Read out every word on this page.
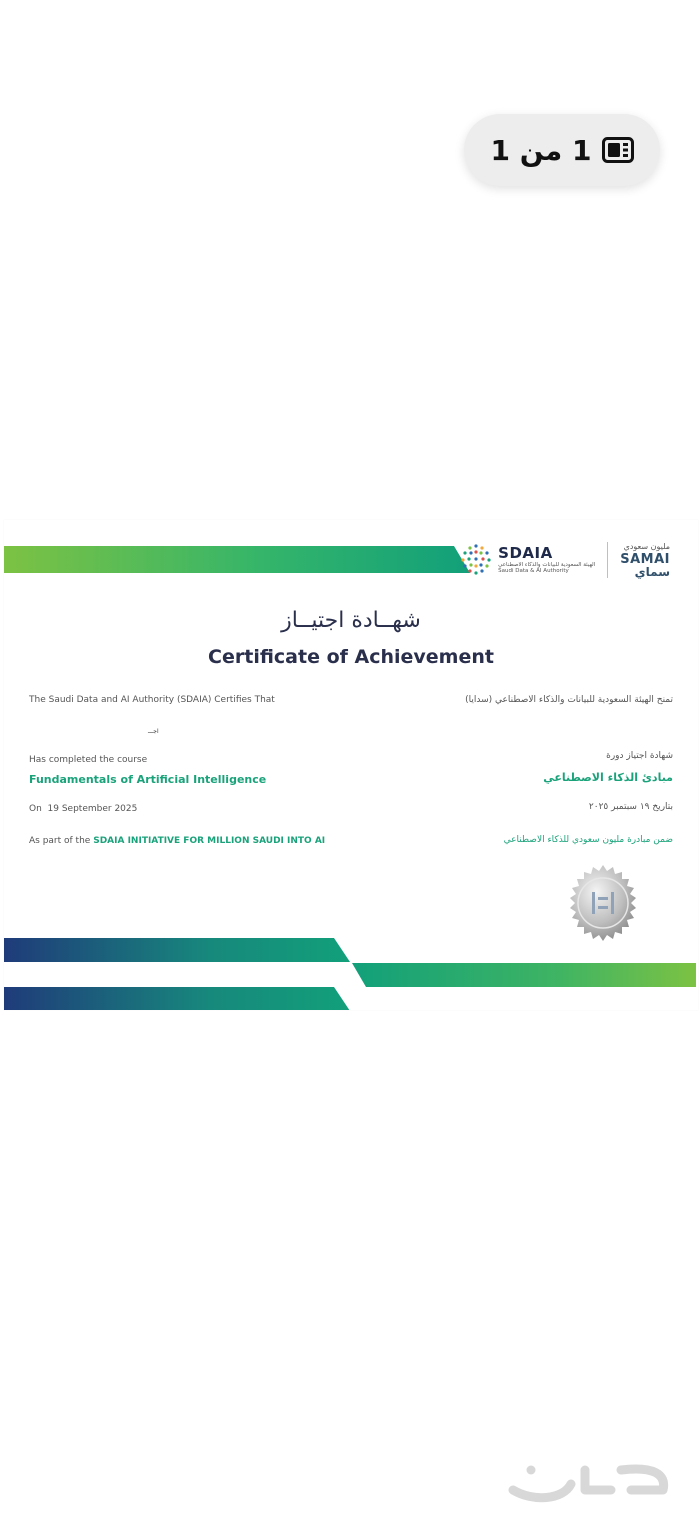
1 من 1
SDAIA
الهيئة السعودية للبيانات والذكاء الاصطناعي
Saudi Data & AI Authority
مليون سعودي
SAMAI
سماي
شهــادة اجتيــاز
Certificate of Achievement
The Saudi Data and AI Authority (SDAIA) Certifies That	تمنح الهيئة السعودية للبيانات والذكاء الاصطناعي (سدايا)
اجـــ
Has completed the course	شهادة اجتياز دورة
Fundamentals of Artificial Intelligence	مبادئ الذكاء الاصطناعي
On 19 September 2025	بتاريخ ١٩ سبتمبر ٢٠٢٥
As part of the SDAIA INITIATIVE FOR MILLION SAUDI INTO AI	ضمن مبادرة مليون سعودي للذكاء الاصطناعي
